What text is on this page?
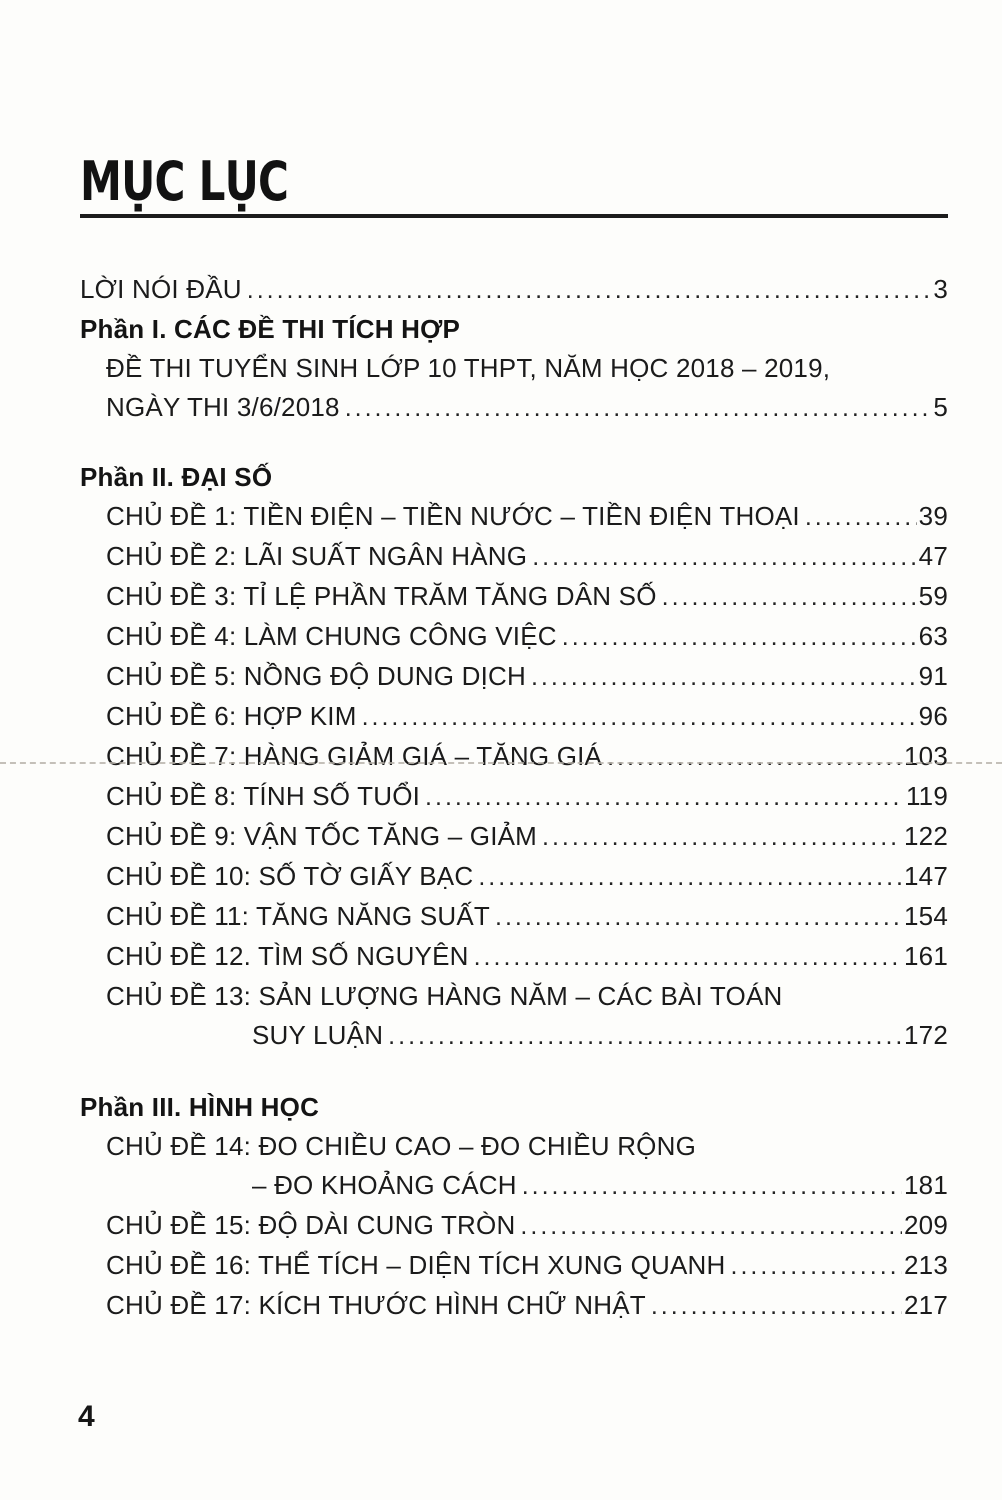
MỤC LỤC
LỜI NÓI ĐẦU .....	3
Phần I. CÁC ĐỀ THI TÍCH HỢP
ĐỀ THI TUYỂN SINH LỚP 10 THPT, NĂM HỌC 2018 – 2019,
NGÀY THI 3/6/2018 .....	5
Phần II. ĐẠI SỐ
CHỦ ĐỀ 1: TIỀN ĐIỆN – TIỀN NƯỚC – TIỀN ĐIỆN THOẠI .....	39
CHỦ ĐỀ 2: LÃI SUẤT NGÂN HÀNG .....	47
CHỦ ĐỀ 3: TỈ LỆ PHẦN TRĂM TĂNG DÂN SỐ .....	59
CHỦ ĐỀ 4: LÀM CHUNG CÔNG VIỆC .....	63
CHỦ ĐỀ 5: NỒNG ĐỘ DUNG DỊCH .....	91
CHỦ ĐỀ 6: HỢP KIM .....	96
CHỦ ĐỀ 7: HÀNG GIẢM GIÁ – TĂNG GIÁ .....	103
CHỦ ĐỀ 8: TÍNH SỐ TUỔI .....	119
CHỦ ĐỀ 9: VẬN TỐC TĂNG – GIẢM .....	122
CHỦ ĐỀ 10: SỐ TỜ GIẤY BẠC .....	147
CHỦ ĐỀ 11: TĂNG NĂNG SUẤT .....	154
CHỦ ĐỀ 12. TÌM SỐ NGUYÊN .....	161
CHỦ ĐỀ 13: SẢN LƯỢNG HÀNG NĂM – CÁC BÀI TOÁN
SUY LUẬN .....	172
Phần III. HÌNH HỌC
CHỦ ĐỀ 14: ĐO CHIỀU CAO – ĐO CHIỀU RỘNG
– ĐO KHOẢNG CÁCH .....	181
CHỦ ĐỀ 15: ĐỘ DÀI CUNG TRÒN .....	209
CHỦ ĐỀ 16: THỂ TÍCH – DIỆN TÍCH XUNG QUANH .....	213
CHỦ ĐỀ 17: KÍCH THƯỚC HÌNH CHỮ NHẬT .....	217
4
